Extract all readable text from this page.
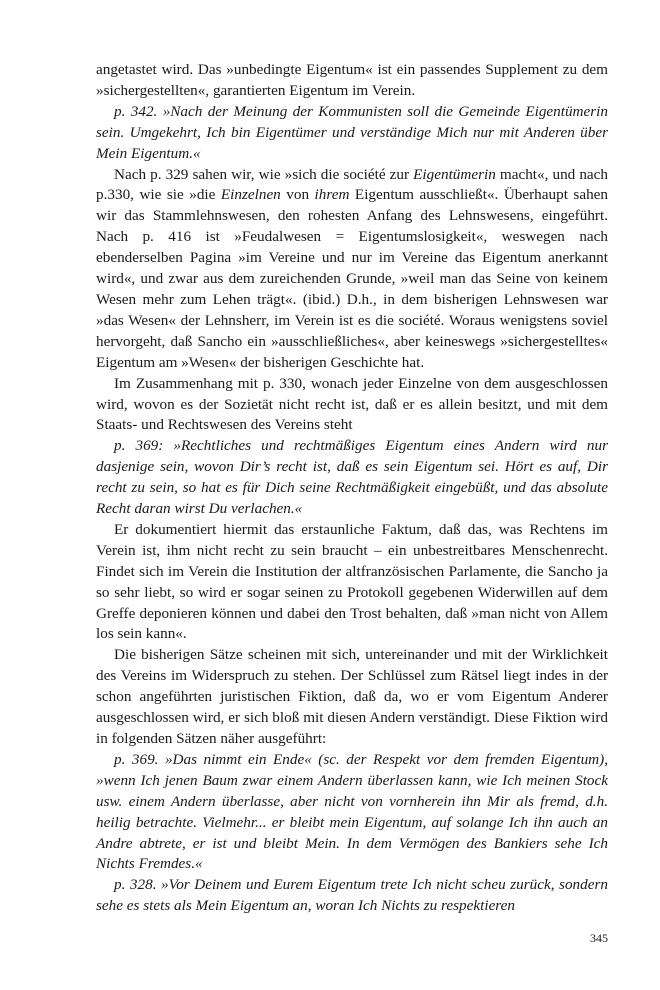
angetastet wird. Das »unbedingte Eigentum« ist ein passendes Supplement zu dem »sichergestellten«, garantierten Eigentum im Verein.

p. 342. »Nach der Meinung der Kommunisten soll die Gemeinde Eigentümerin sein. Umgekehrt, Ich bin Eigentümer und verständige Mich nur mit Anderen über Mein Eigentum.«

Nach p. 329 sahen wir, wie »sich die société zur Eigentümerin macht«, und nach p.330, wie sie »die Einzelnen von ihrem Eigentum ausschließt«. Überhaupt sahen wir das Stammlehnswesen, den rohesten Anfang des Lehnswesens, eingeführt. Nach p. 416 ist »Feudalwesen = Eigentumslosigkeit«, weswegen nach ebenderselben Pagina »im Vereine und nur im Vereine das Eigentum anerkannt wird«, und zwar aus dem zureichenden Grunde, »weil man das Seine von keinem Wesen mehr zum Lehen trägt«. (ibid.) D.h., in dem bisherigen Lehnswesen war »das Wesen« der Lehnsherr, im Verein ist es die société. Woraus wenigstens soviel hervorgeht, daß Sancho ein »ausschließliches«, aber keineswegs »sichergestelltes« Eigentum am »Wesen« der bisherigen Geschichte hat.

Im Zusammenhang mit p. 330, wonach jeder Einzelne von dem ausgeschlossen wird, wovon es der Sozietät nicht recht ist, daß er es allein besitzt, und mit dem Staats- und Rechtswesen des Vereins steht

p. 369: »Rechtliches und rechtmäßiges Eigentum eines Andern wird nur dasjenige sein, wovon Dir’s recht ist, daß es sein Eigentum sei. Hört es auf, Dir recht zu sein, so hat es für Dich seine Rechtmäßigkeit eingebüßt, und das absolute Recht daran wirst Du verlachen.«

Er dokumentiert hiermit das erstaunliche Faktum, daß das, was Rechtens im Verein ist, ihm nicht recht zu sein braucht – ein unbestreitbares Menschenrecht. Findet sich im Verein die Institution der altfranzösischen Parlamente, die Sancho ja so sehr liebt, so wird er sogar seinen zu Protokoll gegebenen Widerwillen auf dem Greffe deponieren können und dabei den Trost behalten, daß »man nicht von Allem los sein kann«.

Die bisherigen Sätze scheinen mit sich, untereinander und mit der Wirklichkeit des Vereins im Widerspruch zu stehen. Der Schlüssel zum Rätsel liegt indes in der schon angeführten juristischen Fiktion, daß da, wo er vom Eigentum Anderer ausgeschlossen wird, er sich bloß mit diesen Andern verständigt. Diese Fiktion wird in folgenden Sätzen näher ausgeführt:

p. 369. »Das nimmt ein Ende« (sc. der Respekt vor dem fremden Eigentum), »wenn Ich jenen Baum zwar einem Andern überlassen kann, wie Ich meinen Stock usw. einem Andern überlasse, aber nicht von vornherein ihn Mir als fremd, d.h. heilig betrachte. Vielmehr... er bleibt mein Eigentum, auf solange Ich ihn auch an Andre abtrete, er ist und bleibt Mein. In dem Vermögen des Bankiers sehe Ich Nichts Fremdes.«

p. 328. »Vor Deinem und Eurem Eigentum trete Ich nicht scheu zurück, sondern sehe es stets als Mein Eigentum an, woran Ich Nichts zu respektieren

345
